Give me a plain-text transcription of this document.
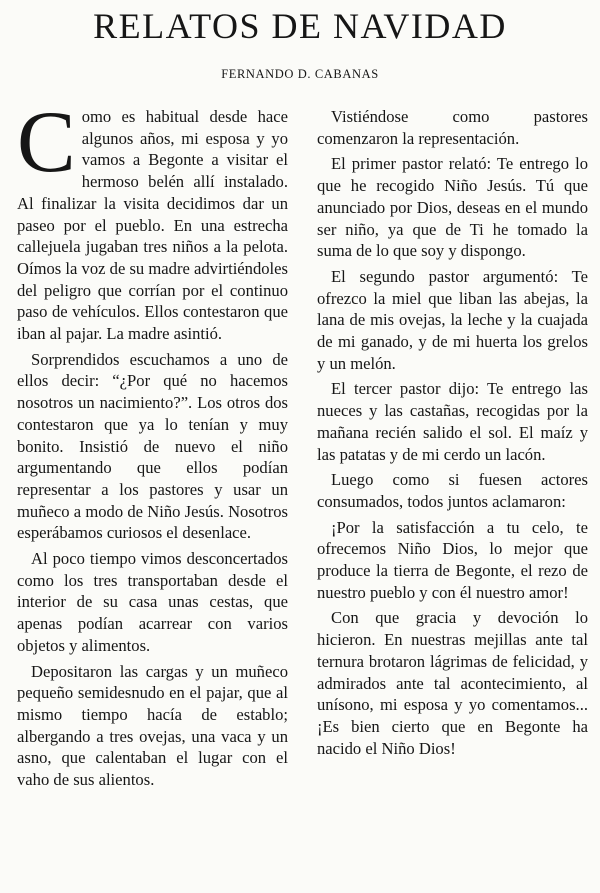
RELATOS DE NAVIDAD
FERNANDO D. CABANAS

Como es habitual desde hace algunos años, mi esposa y yo vamos a Begonte a visitar el hermoso belén allí instalado. Al finalizar la visita decidimos dar un paseo por el pueblo. En una estrecha callejuela jugaban tres niños a la pelota. Oímos la voz de su madre advirtiéndoles del peligro que corrían por el continuo paso de vehículos. Ellos contestaron que iban al pajar. La madre asintió.

Sorprendidos escuchamos a uno de ellos decir: “¿Por qué no hacemos nosotros un nacimiento?”. Los otros dos contestaron que ya lo tenían y muy bonito. Insistió de nuevo el niño argumentando que ellos podían representar a los pastores y usar un muñeco a modo de Niño Jesús. Nosotros esperábamos curiosos el desenlace.

Al poco tiempo vimos desconcertados como los tres transportaban desde el interior de su casa unas cestas, que apenas podían acarrear con varios objetos y alimentos.

Depositaron las cargas y un muñeco pequeño semidesnudo en el pajar, que al mismo tiempo hacía de establo; albergando a tres ovejas, una vaca y un asno, que calentaban el lugar con el vaho de sus alientos.

Vistiéndose como pastores comenzaron la representación.

El primer pastor relató: Te entrego lo que he recogido Niño Jesús. Tú que anunciado por Dios, deseas en el mundo ser niño, ya que de Ti he tomado la suma de lo que soy y dispongo.

El segundo pastor argumentó: Te ofrezco la miel que liban las abejas, la lana de mis ovejas, la leche y la cuajada de mi ganado, y de mi huerta los grelos y un melón.

El tercer pastor dijo: Te entrego las nueces y las castañas, recogidas por la mañana recién salido el sol. El maíz y las patatas y de mi cerdo un lacón.

Luego como si fuesen actores consumados, todos juntos aclamaron:

¡Por la satisfacción a tu celo, te ofrecemos Niño Dios, lo mejor que produce la tierra de Begonte, el rezo de nuestro pueblo y con él nuestro amor!

Con que gracia y devoción lo hicieron. En nuestras mejillas ante tal ternura brotaron lágrimas de felicidad, y admirados ante tal acontecimiento, al unísono, mi esposa y yo comentamos... ¡Es bien cierto que en Begonte ha nacido el Niño Dios!
